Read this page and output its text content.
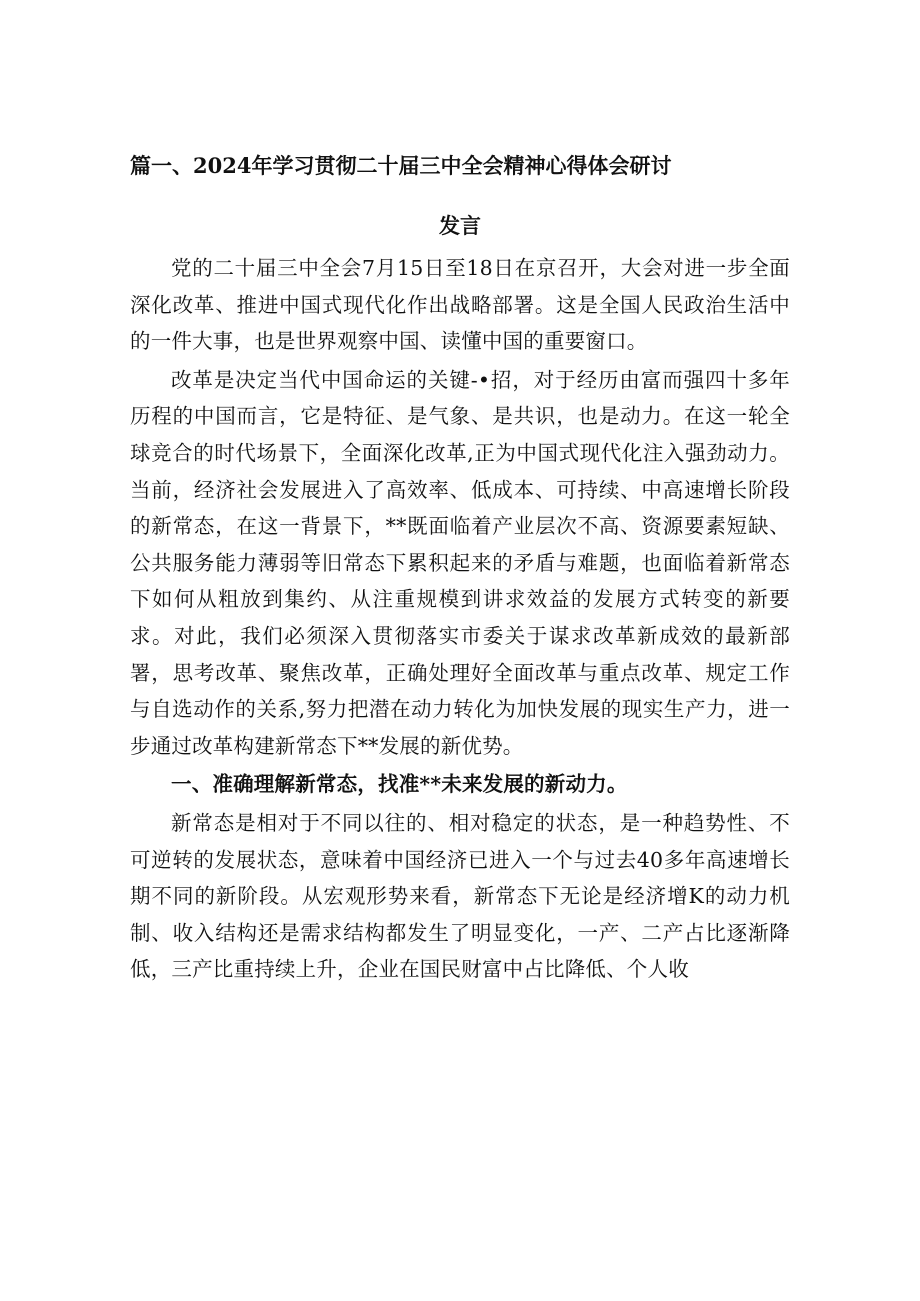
篇一、2024年学习贯彻二十届三中全会精神心得体会研讨
发言

党的二十届三中全会7月15日至18日在京召开，大会对进一步全面深化改革、推进中国式现代化作出战略部署。这是全国人民政治生活中的一件大事，也是世界观察中国、读懂中国的重要窗口。

改革是决定当代中国命运的关键-•招，对于经历由富而强四十多年历程的中国而言，它是特征、是气象、是共识，也是动力。在这一轮全球竞合的时代场景下，全面深化改革,正为中国式现代化注入强劲动力。当前，经济社会发展进入了高效率、低成本、可持续、中高速增长阶段的新常态，在这一背景下，**既面临着产业层次不高、资源要素短缺、公共服务能力薄弱等旧常态下累积起来的矛盾与难题，也面临着新常态下如何从粗放到集约、从注重规模到讲求效益的发展方式转变的新要求。对此，我们必须深入贯彻落实市委关于谋求改革新成效的最新部署，思考改革、聚焦改革，正确处理好全面改革与重点改革、规定工作与自选动作的关系,努力把潜在动力转化为加快发展的现实生产力，进一步通过改革构建新常态下**发展的新优势。

一、准确理解新常态，找准**未来发展的新动力。

新常态是相对于不同以往的、相对稳定的状态，是一种趋势性、不可逆转的发展状态，意味着中国经济已进入一个与过去40多年高速增长期不同的新阶段。从宏观形势来看，新常态下无论是经济增K的动力机制、收入结构还是需求结构都发生了明显变化，一产、二产占比逐渐降低，三产比重持续上升，企业在国民财富中占比降低、个人收
